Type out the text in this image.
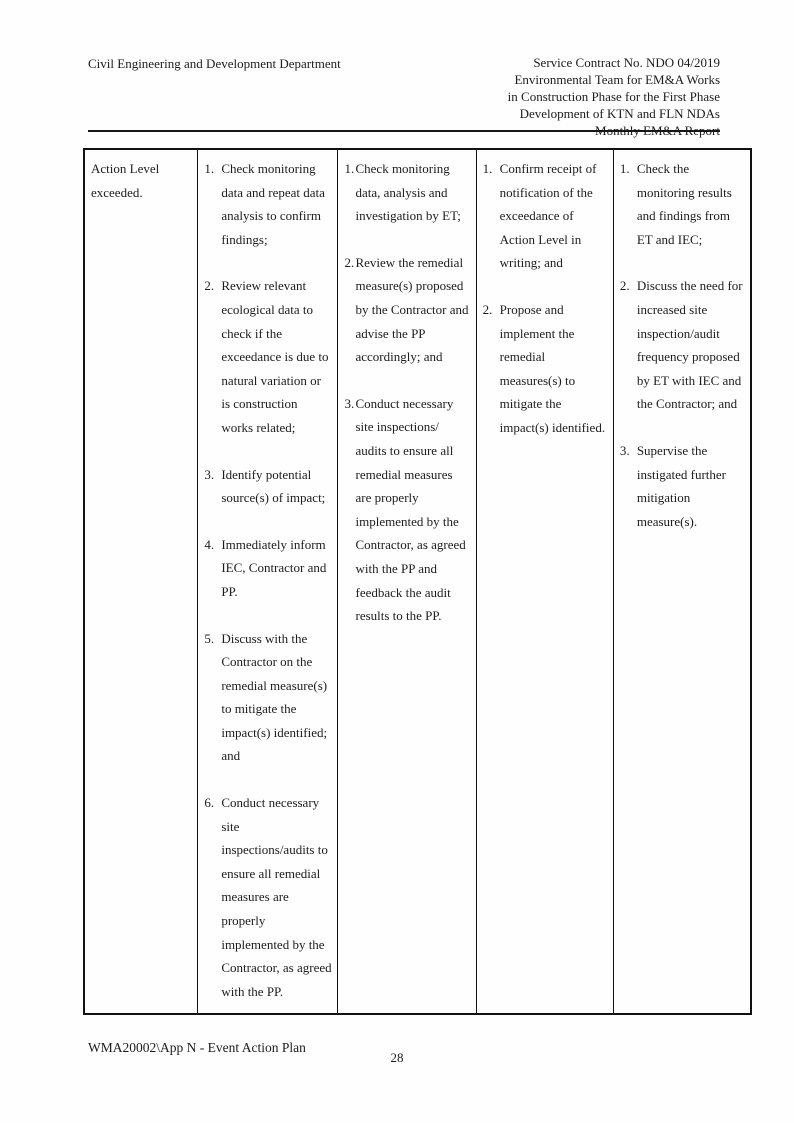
Civil Engineering and Development Department	Service Contract No. NDO 04/2019
Environmental Team for EM&A Works
in Construction Phase for the First Phase
Development of KTN and FLN NDAs
Monthly EM&A Report
Action Level exceeded.
1. Check monitoring data and repeat data analysis to confirm findings;
2. Review relevant ecological data to check if the exceedance is due to natural variation or is construction works related;
3. Identify potential source(s) of impact;
4. Immediately inform IEC, Contractor and PP.
5. Discuss with the Contractor on the remedial measure(s) to mitigate the impact(s) identified; and
6. Conduct necessary site inspections/audits to ensure all remedial measures are properly implemented by the Contractor, as agreed with the PP.
1. Check monitoring data, analysis and investigation by ET;
2. Review the remedial measure(s) proposed by the Contractor and advise the PP accordingly; and
3. Conduct necessary site inspections/ audits to ensure all remedial measures are properly implemented by the Contractor, as agreed with the PP and feedback the audit results to the PP.
1. Confirm receipt of notification of the exceedance of Action Level in writing; and
2. Propose and implement the remedial measures(s) to mitigate the impact(s) identified.
1. Check the monitoring results and findings from ET and IEC;
2. Discuss the need for increased site inspection/audit frequency proposed by ET with IEC and the Contractor; and
3. Supervise the instigated further mitigation measure(s).
WMA20002\App N - Event Action Plan
28
